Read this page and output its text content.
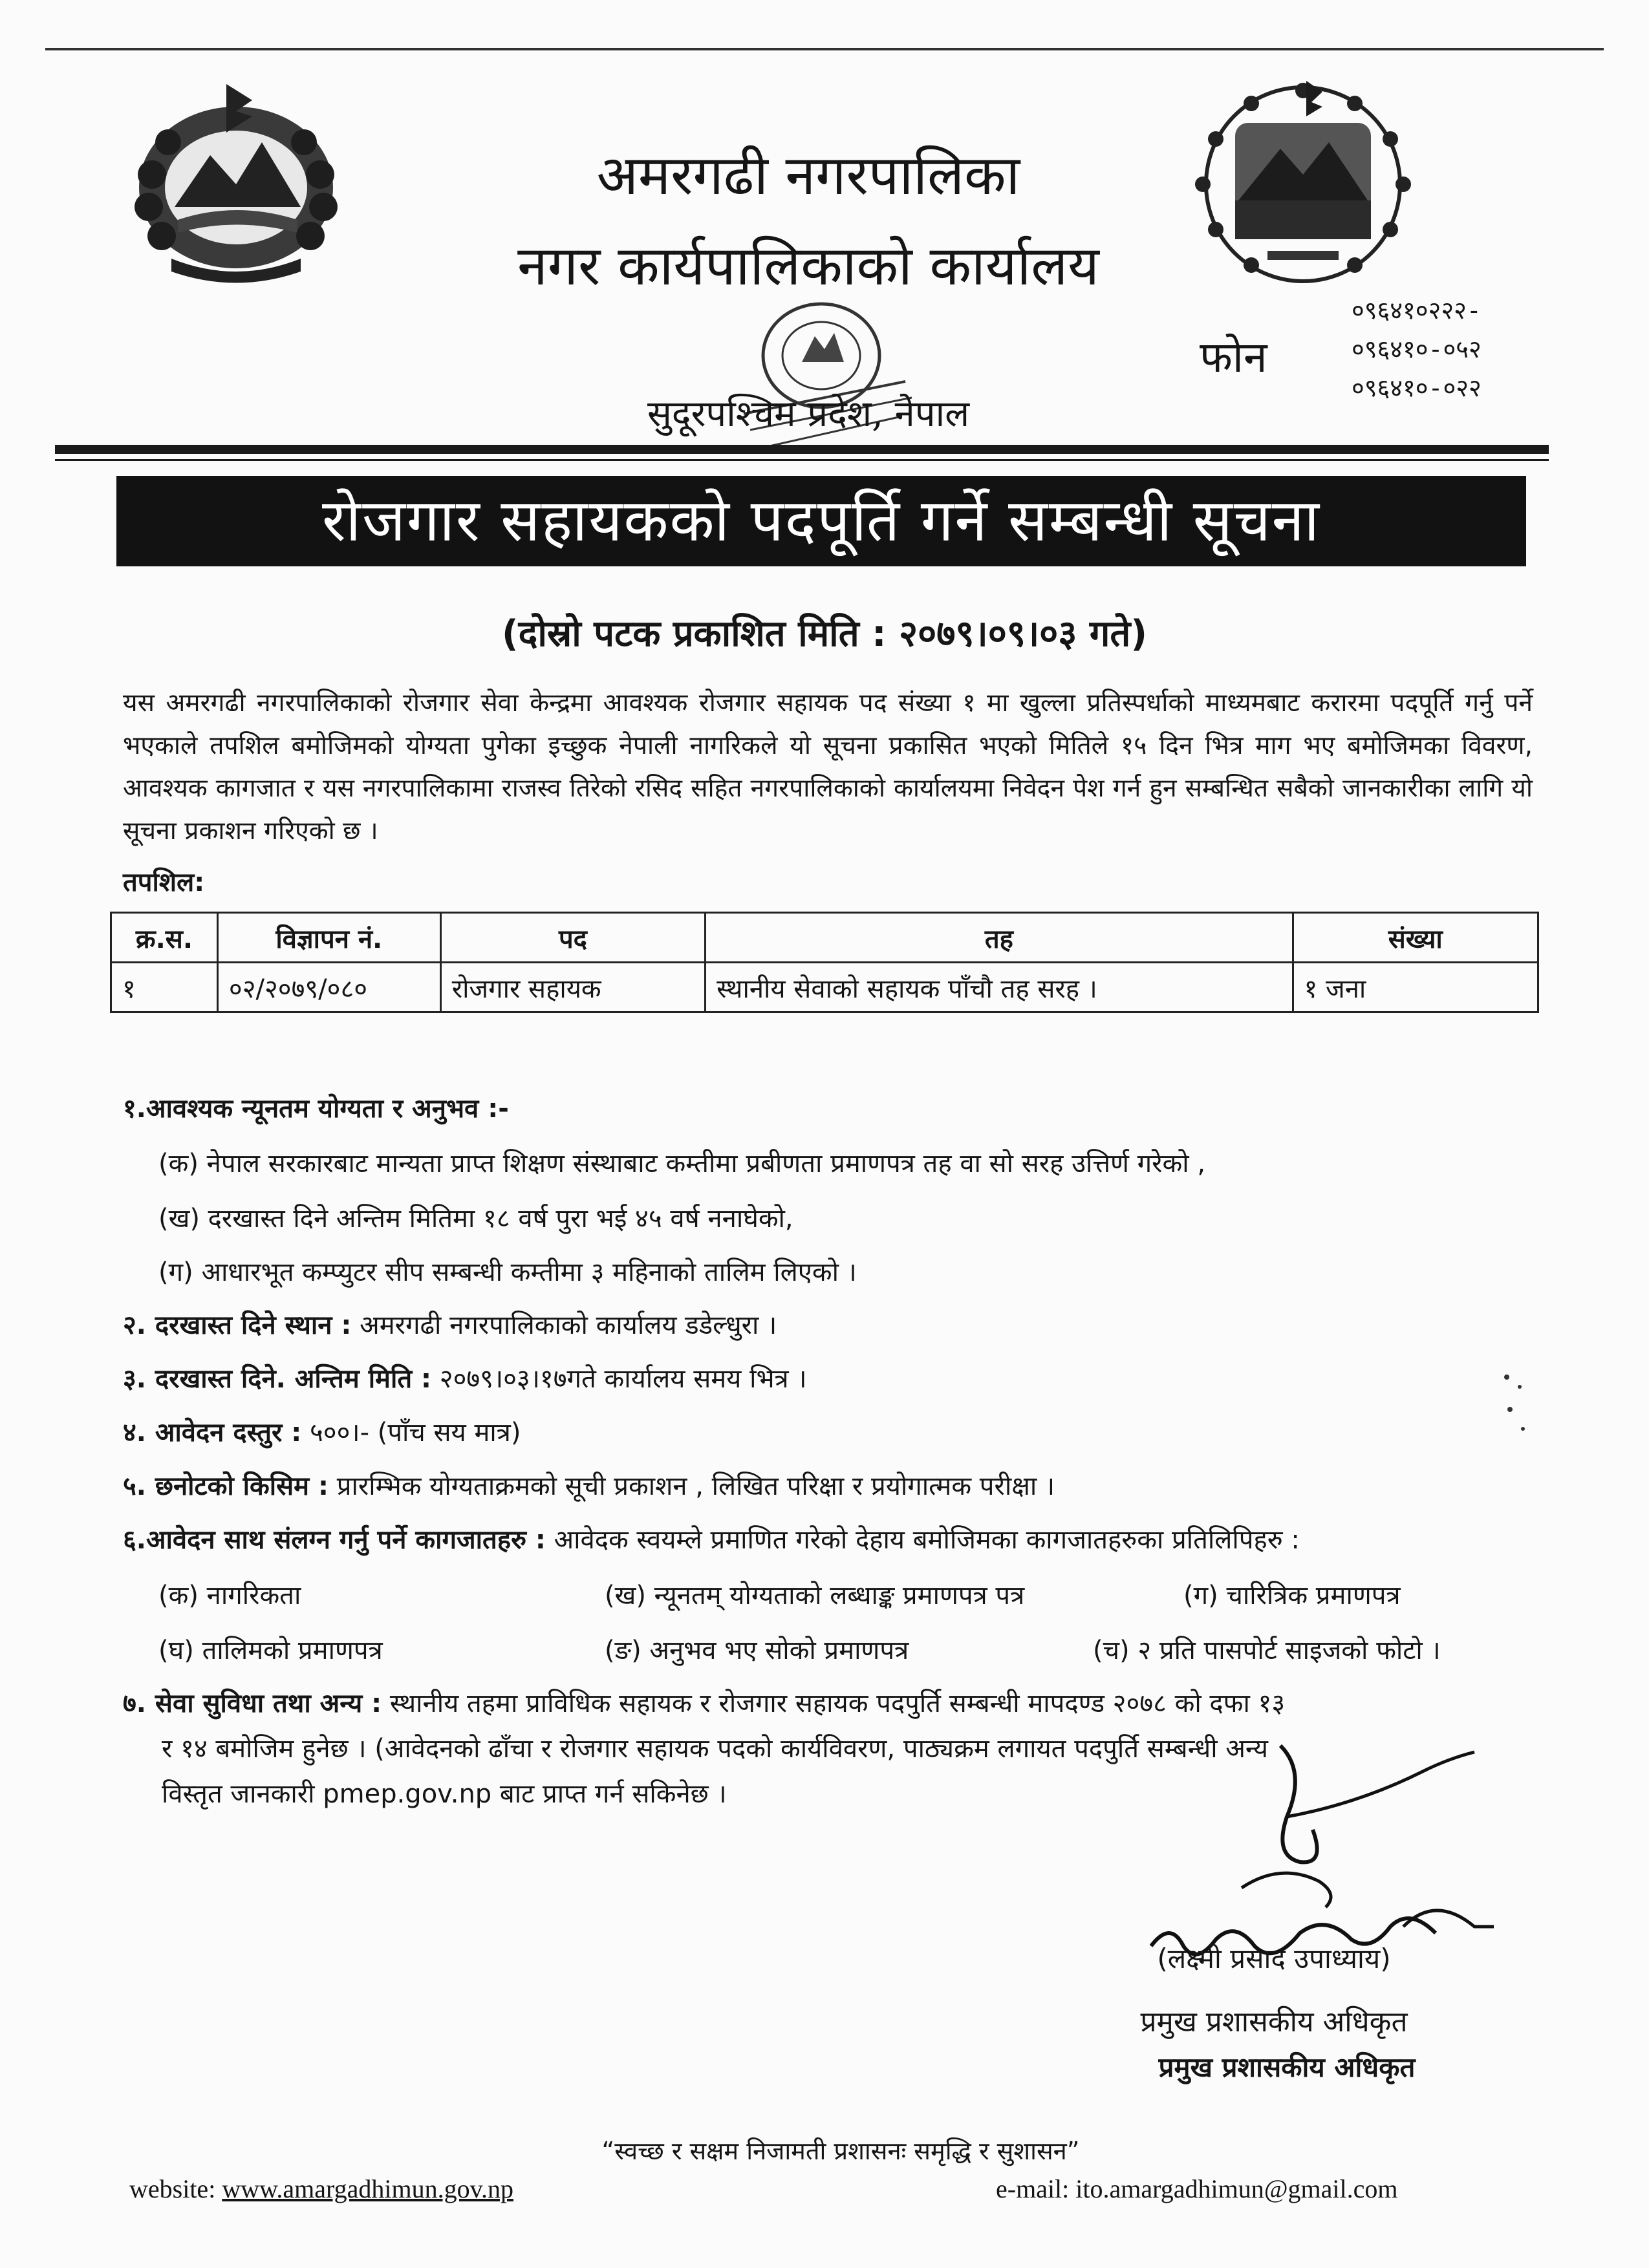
अमरगढी नगरपालिका
नगर कार्यपालिकाको कार्यालय
सुदूरपश्चिम प्रदेश, नेपाल
फोन
०९६४१०२२२-
०९६४१०-०५२
०९६४१०-०२२
रोजगार सहायकको पदपूर्ति गर्ने सम्बन्धी सूचना
(दोस्रो पटक प्रकाशित मिति : २०७९।०९।०३ गते)
यस अमरगढी नगरपालिकाको रोजगार सेवा केन्द्रमा आवश्यक रोजगार सहायक पद संख्या १ मा खुल्ला प्रतिस्पर्धाको माध्यमबाट करारमा पदपूर्ति गर्नु पर्ने भएकाले तपशिल बमोजिमको योग्यता पुगेका इच्छुक नेपाली नागरिकले यो सूचना प्रकासित भएको मितिले १५ दिन भित्र माग भए बमोजिमका विवरण, आवश्यक कागजात र यस नगरपालिकामा राजस्व तिरेको रसिद सहित नगरपालिकाको कार्यालयमा निवेदन पेश गर्न हुन सम्बन्धित सबैको जानकारीका लागि यो सूचना प्रकाशन गरिएको छ ।
तपशिल:
क्र.स.	विज्ञापन नं.	पद	तह	संख्या
१	०२/२०७९/०८०	रोजगार सहायक	स्थानीय सेवाको सहायक पाँचौ तह सरह ।	१ जना
१.आवश्यक न्यूनतम योग्यता र अनुभव :-
(क) नेपाल सरकारबाट मान्यता प्राप्त शिक्षण संस्थाबाट कम्तीमा प्रबीणता प्रमाणपत्र तह वा सो सरह उत्तिर्ण गरेको ,
(ख) दरखास्त दिने अन्तिम मितिमा १८ वर्ष पुरा भई ४५ वर्ष ननाघेको,
(ग) आधारभूत कम्प्युटर सीप सम्बन्धी कम्तीमा ३ महिनाको तालिम लिएको ।
२. दरखास्त दिने स्थान : अमरगढी नगरपालिकाको कार्यालय डडेल्धुरा ।
३. दरखास्त दिने. अन्तिम मिति : २०७९।०३।१७गते कार्यालय समय भित्र ।
४. आवेदन दस्तुर : ५००।- (पाँच सय मात्र)
५. छनोटको किसिम : प्रारम्भिक योग्यताक्रमको सूची प्रकाशन , लिखित परिक्षा र प्रयोगात्मक परीक्षा ।
६.आवेदन साथ संलग्न गर्नु पर्ने कागजातहरु : आवेदक स्वयम्ले प्रमाणित गरेको देहाय बमोजिमका कागजातहरुका प्रतिलिपिहरु :
(क) नागरिकता	(ख) न्यूनतम् योग्यताको लब्धाङ्क प्रमाणपत्र पत्र	(ग) चारित्रिक प्रमाणपत्र
(घ) तालिमको प्रमाणपत्र	(ङ) अनुभव भए सोको प्रमाणपत्र	(च) २ प्रति पासपोर्ट साइजको फोटो ।
७. सेवा सुविधा तथा अन्य : स्थानीय तहमा प्राविधिक सहायक र रोजगार सहायक पदपुर्ति सम्बन्धी मापदण्ड २०७८ को दफा १३
र १४ बमोजिम हुनेछ । (आवेदनको ढाँचा र रोजगार सहायक पदको कार्यविवरण, पाठ्यक्रम लगायत पदपुर्ति सम्बन्धी अन्य
विस्तृत जानकारी pmep.gov.np बाट प्राप्त गर्न सकिनेछ ।
(लक्ष्मी प्रसाद उपाध्याय)
प्रमुख प्रशासकीय अधिकृत
प्रमुख प्रशासकीय अधिकृत
“स्वच्छ र सक्षम निजामती प्रशासनः समृद्धि र सुशासन”
website: www.amargadhimun.gov.np	e-mail: ito.amargadhimun@gmail.com
